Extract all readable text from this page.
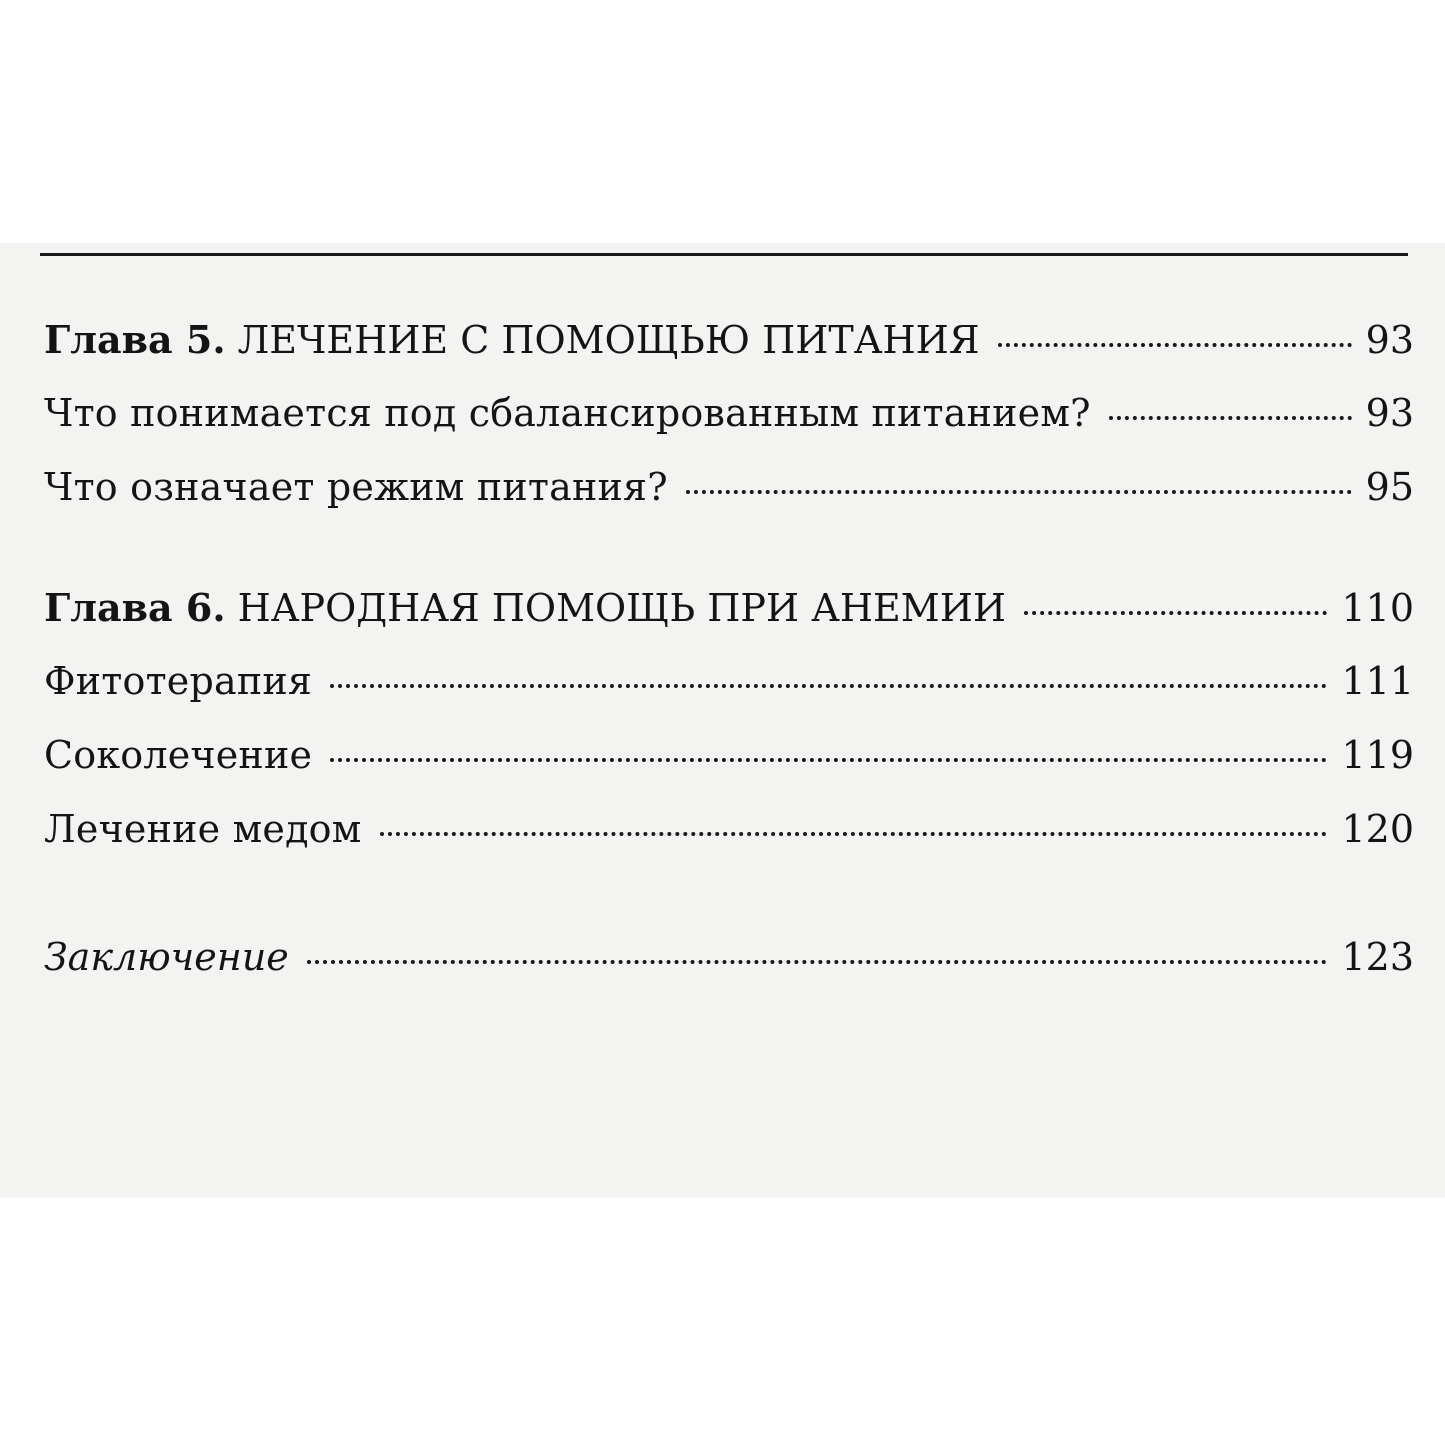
Глава 5. ЛЕЧЕНИЕ С ПОМОЩЬЮ ПИТАНИЯ	93
Что понимается под сбалансированным питанием?	93
Что означает режим питания?	95
Глава 6. НАРОДНАЯ ПОМОЩЬ ПРИ АНЕМИИ	110
Фитотерапия	111
Соколечение	119
Лечение медом	120
Заключение	123
